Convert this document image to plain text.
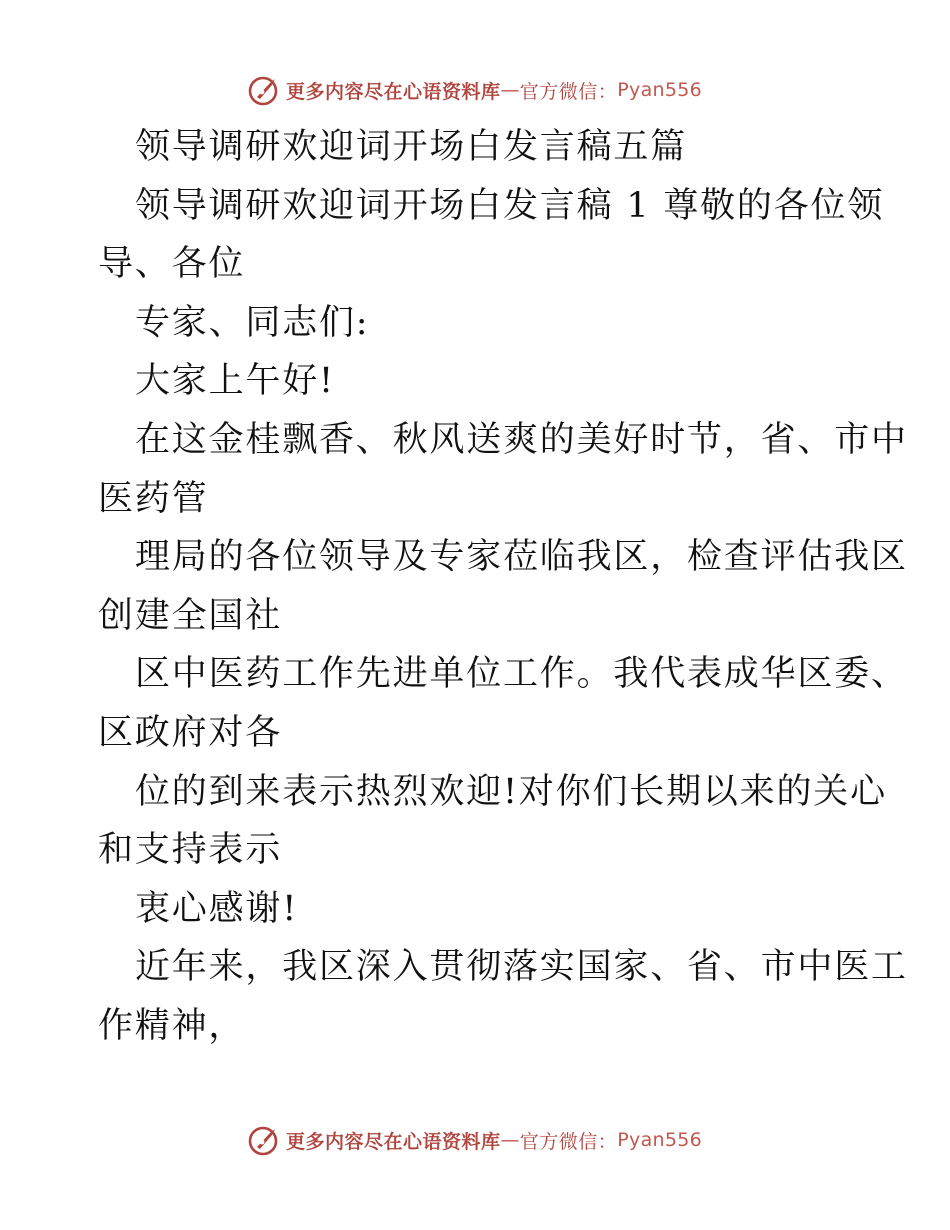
更多内容尽在心语资料库 — 官方微信： Pyan556

领导调研欢迎词开场白发言稿五篇

领导调研欢迎词开场白发言稿 1 尊敬的各位领
导、各位

专家、同志们:

大家上午好!

在这金桂飘香、秋风送爽的美好时节，省、市中
医药管

理局的各位领导及专家莅临我区，检查评估我区
创建全国社

区中医药工作先进单位工作。我代表成华区委、
区政府对各

位的到来表示热烈欢迎!对你们长期以来的关心
和支持表示

衷心感谢!

近年来，我区深入贯彻落实国家、省、市中医工
作精神，

更多内容尽在心语资料库 — 官方微信： Pyan556
